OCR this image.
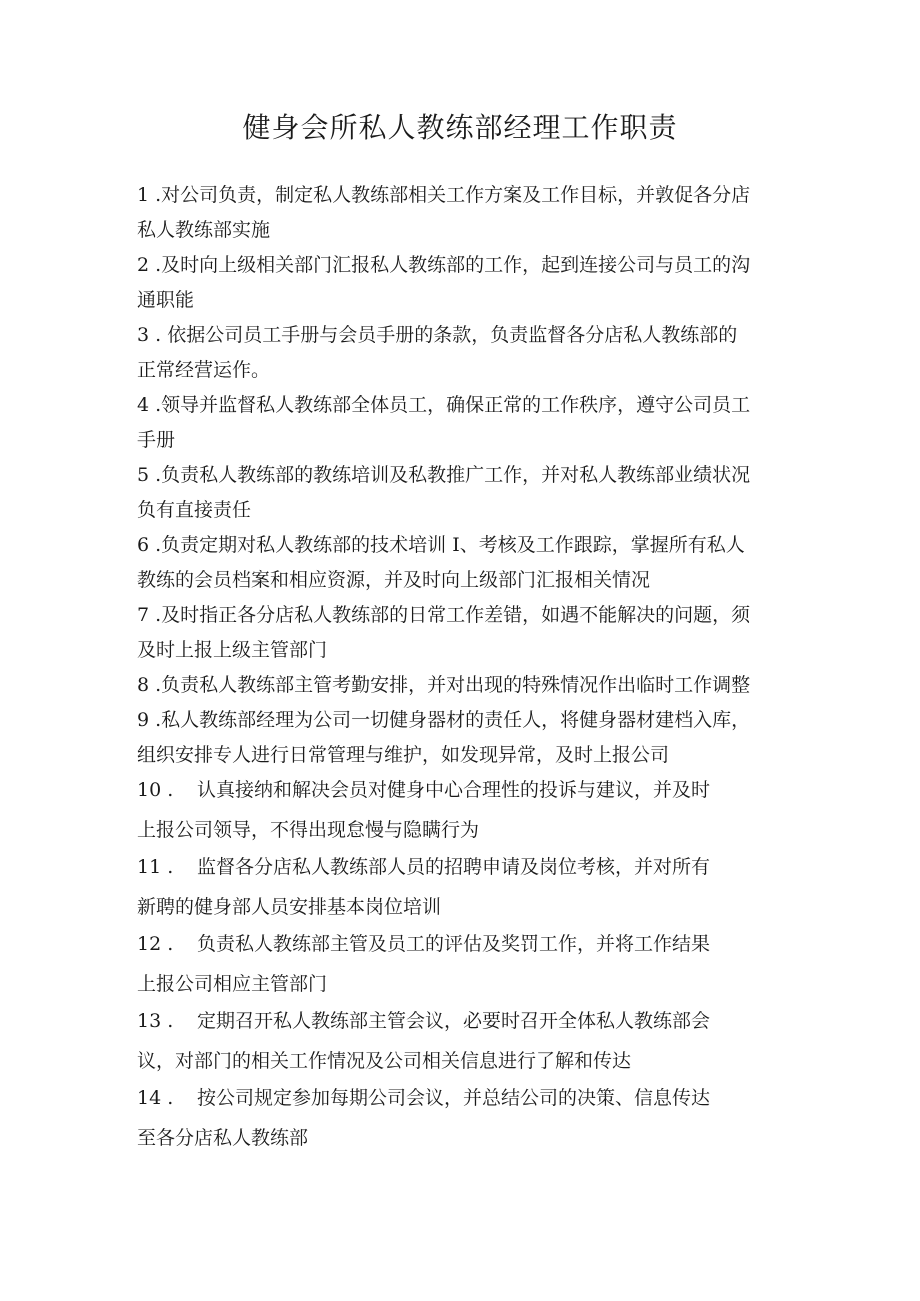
健身会所私人教练部经理工作职责

1 .对公司负责，制定私人教练部相关工作方案及工作目标，并敦促各分店
私人教练部实施

2 .及时向上级相关部门汇报私人教练部的工作，起到连接公司与员工的沟
通职能

3 . 依据公司员工手册与会员手册的条款，负责监督各分店私人教练部的
正常经营运作。

4 .领导并监督私人教练部全体员工，确保正常的工作秩序，遵守公司员工
手册

5 .负责私人教练部的教练培训及私教推广工作，并对私人教练部业绩状况
负有直接责任

6 .负责定期对私人教练部的技术培训 I、考核及工作跟踪，掌握所有私人
教练的会员档案和相应资源，并及时向上级部门汇报相关情况

7 .及时指正各分店私人教练部的日常工作差错，如遇不能解决的问题，须
及时上报上级主管部门

8 .负责私人教练部主管考勤安排，并对出现的特殊情况作出临时工作调整

9 .私人教练部经理为公司一切健身器材的责任人，将健身器材建档入库，
组织安排专人进行日常管理与维护，如发现异常，及时上报公司

10 . 认真接纳和解决会员对健身中心合理性的投诉与建议，并及时
上报公司领导，不得出现怠慢与隐瞒行为

11 . 监督各分店私人教练部人员的招聘申请及岗位考核，并对所有
新聘的健身部人员安排基本岗位培训

12 . 负责私人教练部主管及员工的评估及奖罚工作，并将工作结果
上报公司相应主管部门

13 . 定期召开私人教练部主管会议，必要时召开全体私人教练部会
议，对部门的相关工作情况及公司相关信息进行了解和传达

14 . 按公司规定参加每期公司会议，并总结公司的决策、信息传达
至各分店私人教练部
